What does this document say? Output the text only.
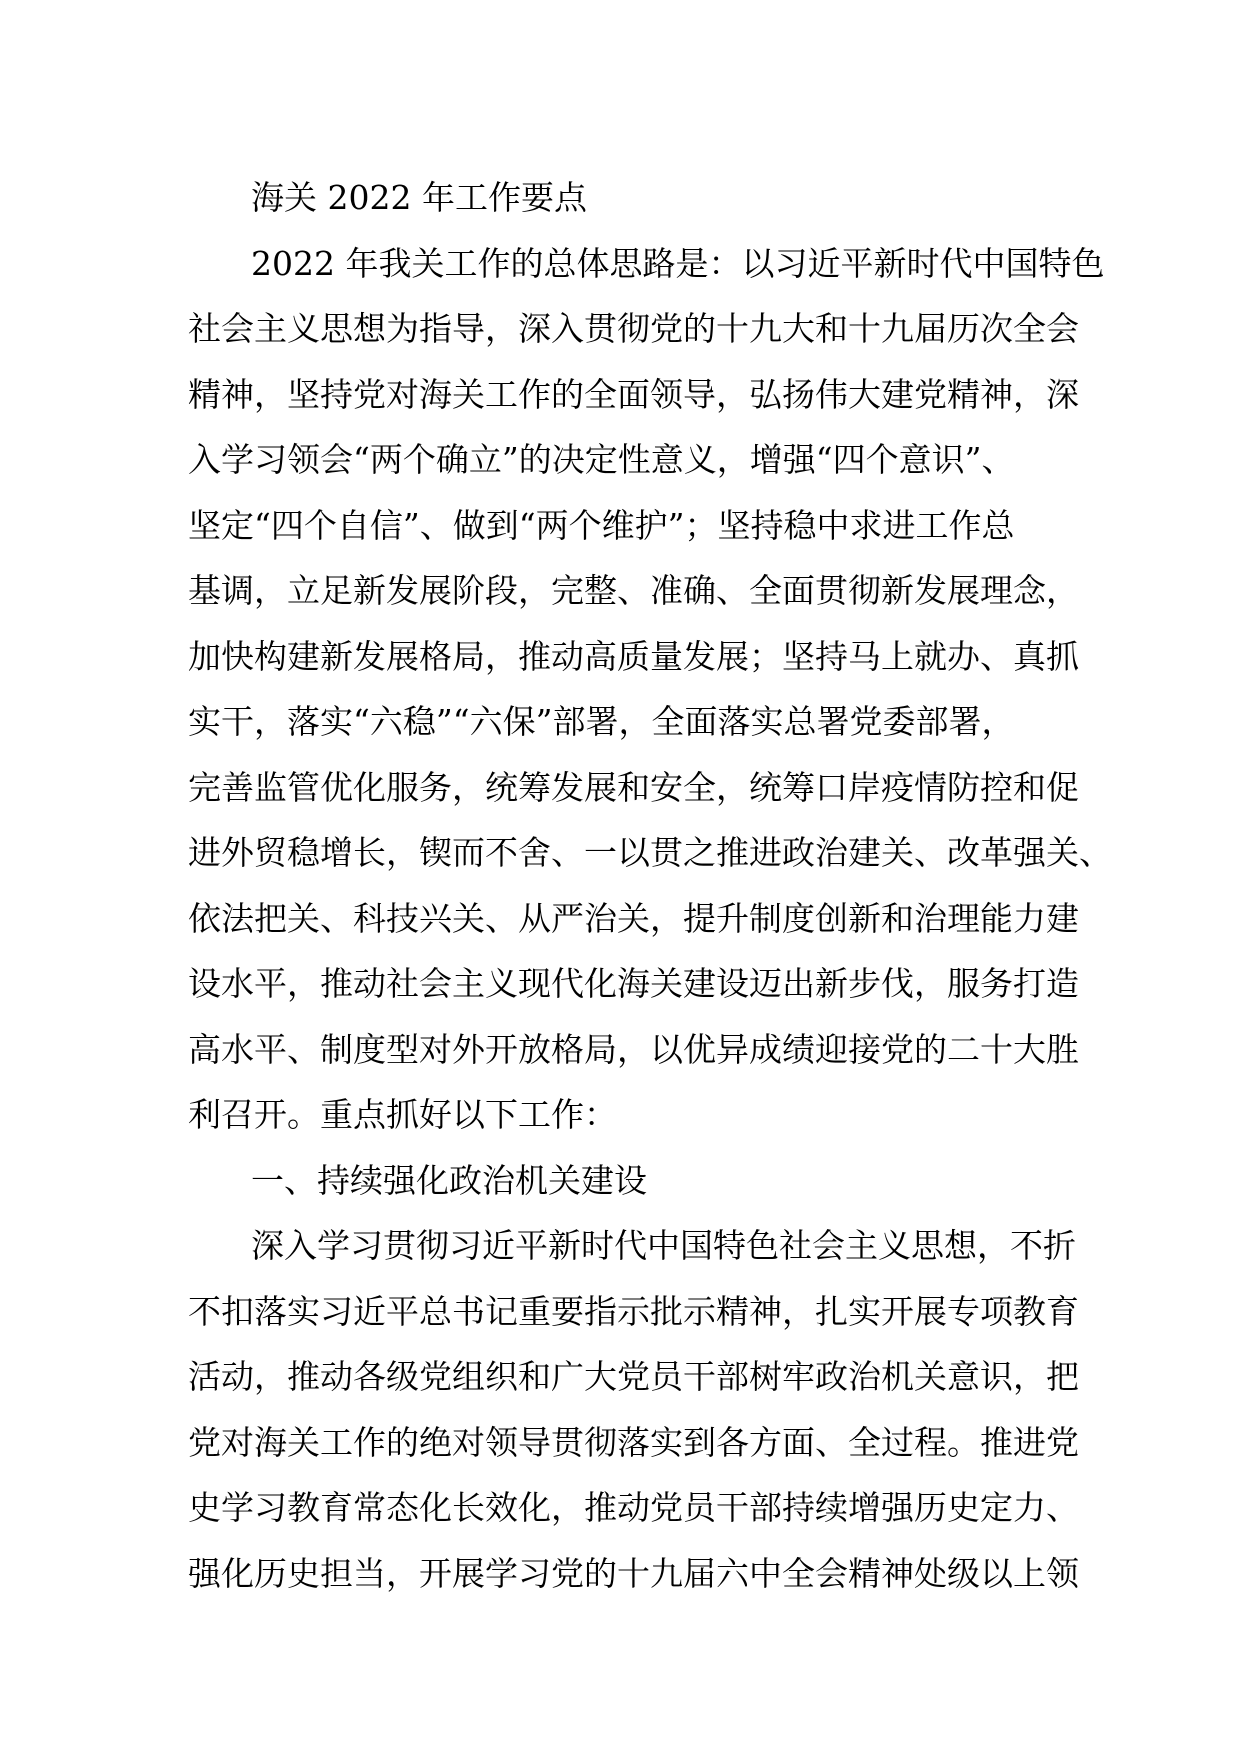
海关 2022 年工作要点
2022 年我关工作的总体思路是：以习近平新时代中国特色
社会主义思想为指导，深入贯彻党的十九大和十九届历次全会
精神，坚持党对海关工作的全面领导，弘扬伟大建党精神，深
入学习领会“两个确立”的决定性意义，增强“四个意识”、
坚定“四个自信”、做到“两个维护”；坚持稳中求进工作总
基调，立足新发展阶段，完整、准确、全面贯彻新发展理念，
加快构建新发展格局，推动高质量发展；坚持马上就办、真抓
实干，落实“六稳”“六保”部署，全面落实总署党委部署，
完善监管优化服务，统筹发展和安全，统筹口岸疫情防控和促
进外贸稳增长，锲而不舍、一以贯之推进政治建关、改革强关、
依法把关、科技兴关、从严治关，提升制度创新和治理能力建
设水平，推动社会主义现代化海关建设迈出新步伐，服务打造
高水平、制度型对外开放格局，以优异成绩迎接党的二十大胜
利召开。重点抓好以下工作：
一、持续强化政治机关建设
深入学习贯彻习近平新时代中国特色社会主义思想，不折
不扣落实习近平总书记重要指示批示精神，扎实开展专项教育
活动，推动各级党组织和广大党员干部树牢政治机关意识，把
党对海关工作的绝对领导贯彻落实到各方面、全过程。推进党
史学习教育常态化长效化，推动党员干部持续增强历史定力、
强化历史担当，开展学习党的十九届六中全会精神处级以上领
